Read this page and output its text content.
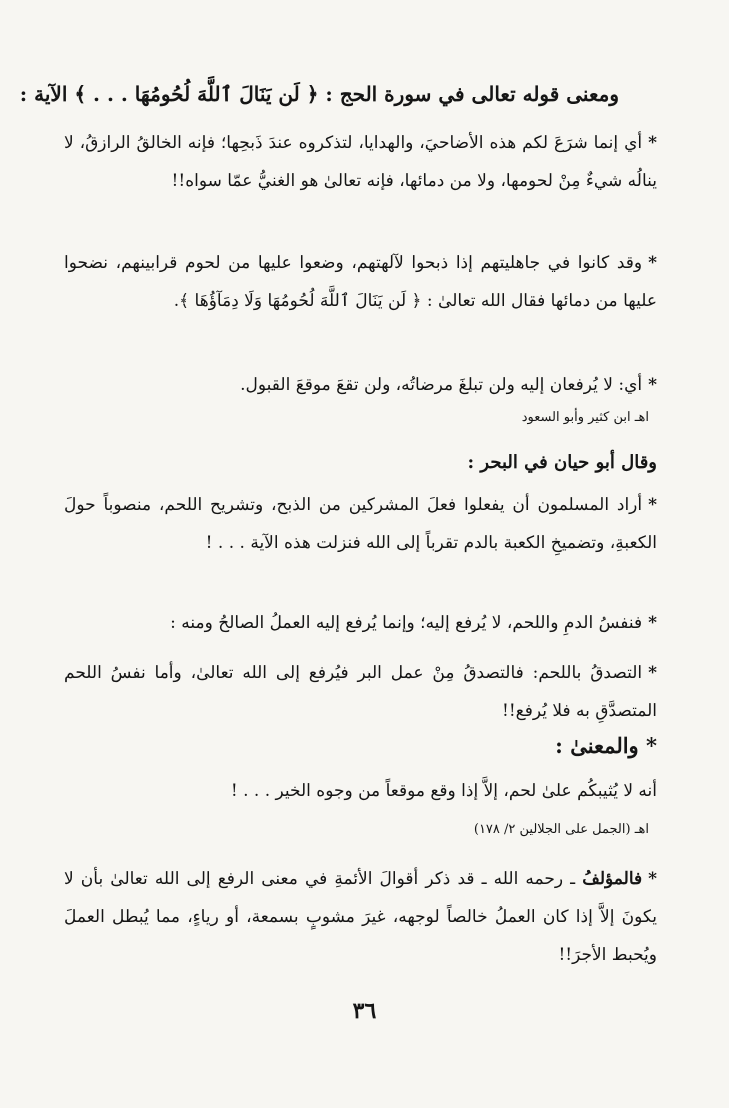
ومعنى قوله تعالى في سورة الحج : ﴿ لَن يَنَالَ ٱللَّهَ لُحُومُهَا . . . ﴾ الآية :
*أي إنما شرَعَ لكم هذه الأضاحيَ، والهدايا، لتذكروه عندَ ذَبحِها؛ فإنه الخالقُ الرازقُ، لا ينالُه شيءٌ مِنْ لحومها، ولا من دمائها، فإنه تعالىٰ هو الغنيُّ عمّا سواه!!
*وقد كانوا في جاهليتهم إذا ذبحوا لآلهتهم، وضعوا عليها من لحوم قرابينهم، نضحوا عليها من دمائها فقال الله تعالىٰ : ﴿ لَن يَنَالَ ٱللَّهَ لُحُومُهَا وَلَا دِمَآؤُهَا ﴾.
*أي: لا يُرفعان إليه ولن تبلغَ مرضاتُه، ولن تقعَ موقعَ القبول.
اهـ ابن كثير وأبو السعود
وقال أبو حيان في البحر :
*أراد المسلمون أن يفعلوا فعلَ المشركين من الذبح، وتشريح اللحم، منصوباً حولَ الكعبةِ، وتضميخِ الكعبة بالدم تقرباً إلى الله فنزلت هذه الآية . . . !
*فنفسُ الدمِ واللحم، لا يُرفع إليه؛ وإنما يُرفع إليه العملُ الصالحُ ومنه :
*التصدقُ باللحم: فالتصدقُ مِنْ عمل البر فيُرفع إلى الله تعالىٰ، وأما نفسُ اللحم المتصدَّقِ به فلا يُرفع!!
* والمعنىٰ :
أنه لا يُثيبكُم علىٰ لحم، إلاَّ إذا وقع موقعاً من وجوه الخير . . . !
اهـ (الجمل على الجلالين ٢/ ١٧٨)
*فالمؤلفُ ـ رحمه الله ـ قد ذكر أقوالَ الأئمةِ في معنى الرفع إلى الله تعالىٰ بأن لا يكونَ إلاَّ إذا كان العملُ خالصاً لوجهه، غيرَ مشوبٍ بسمعة، أو رياءٍ، مما يُبطل العملَ ويُحبط الأجرَ!!
٣٦
